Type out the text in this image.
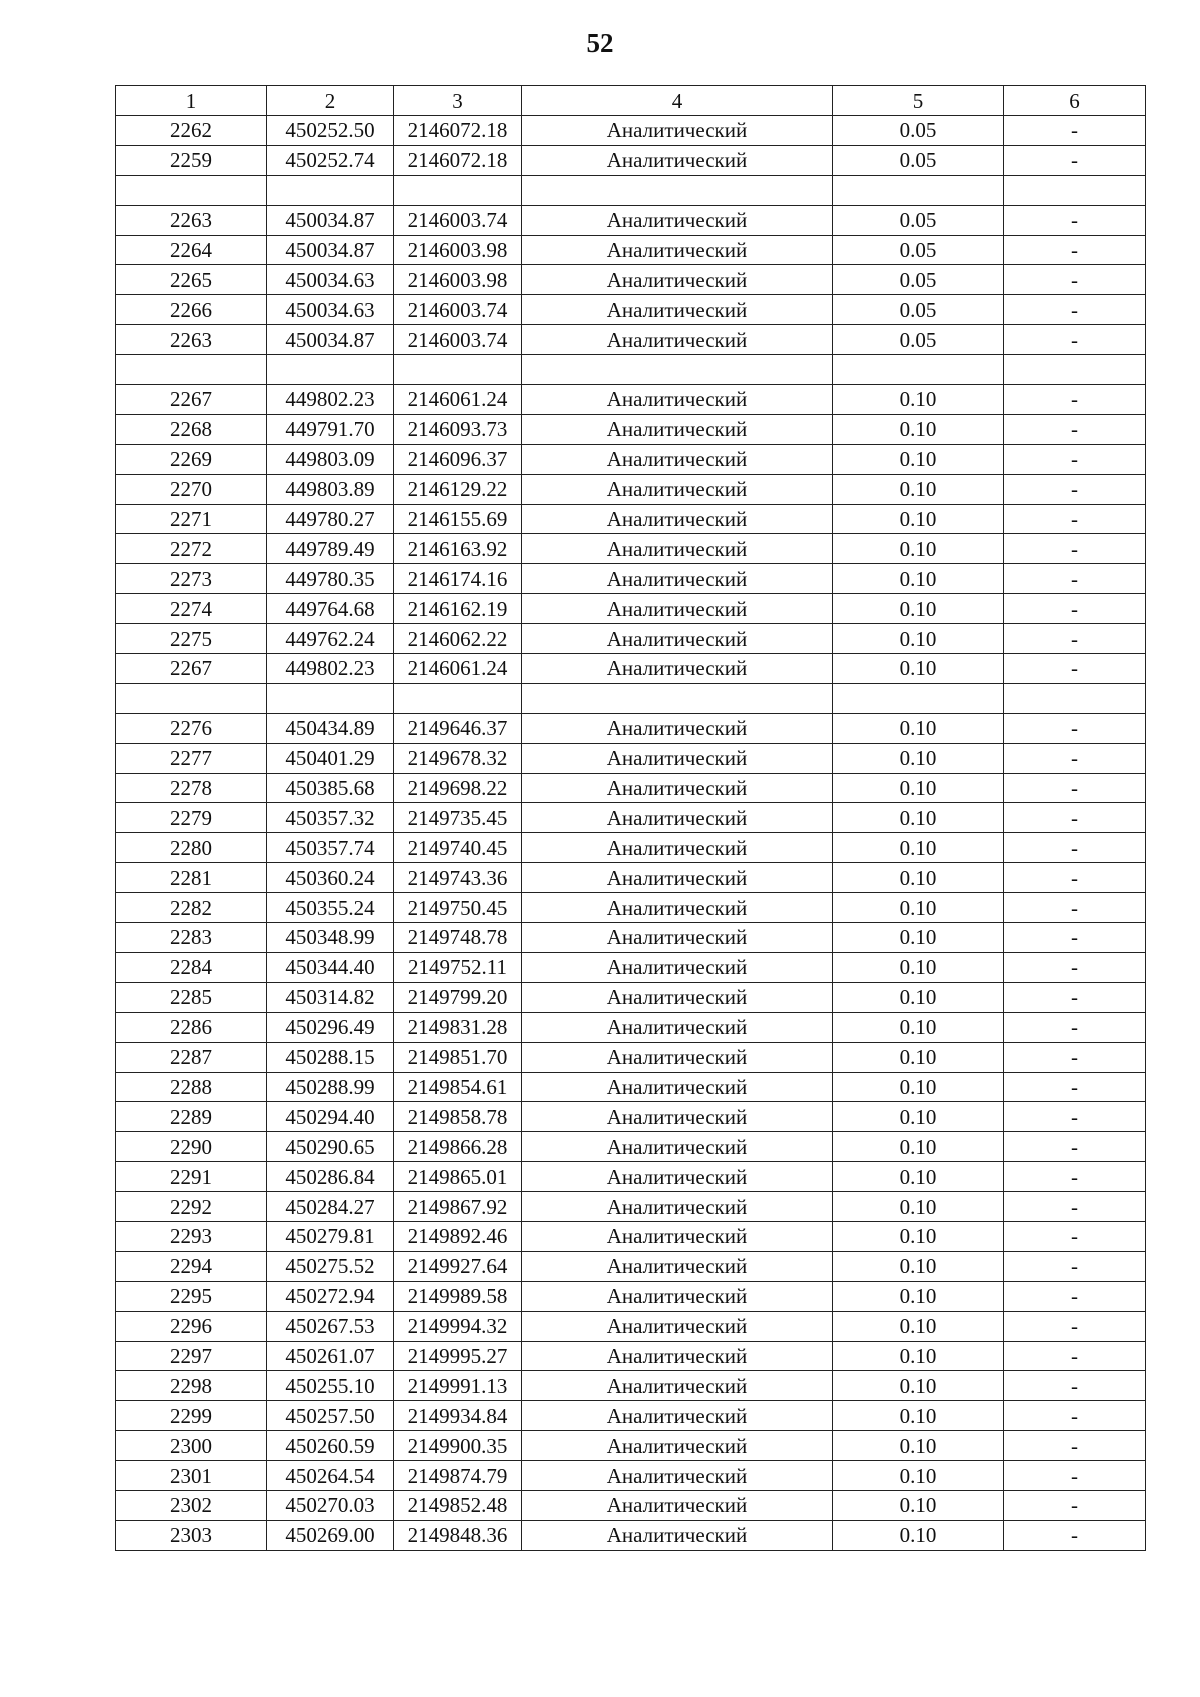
52
1	2	3	4	5	6
2262	450252.50	2146072.18	Аналитический	0.05	-
2259	450252.74	2146072.18	Аналитический	0.05	-

2263	450034.87	2146003.74	Аналитический	0.05	-
2264	450034.87	2146003.98	Аналитический	0.05	-
2265	450034.63	2146003.98	Аналитический	0.05	-
2266	450034.63	2146003.74	Аналитический	0.05	-
2263	450034.87	2146003.74	Аналитический	0.05	-

2267	449802.23	2146061.24	Аналитический	0.10	-
2268	449791.70	2146093.73	Аналитический	0.10	-
2269	449803.09	2146096.37	Аналитический	0.10	-
2270	449803.89	2146129.22	Аналитический	0.10	-
2271	449780.27	2146155.69	Аналитический	0.10	-
2272	449789.49	2146163.92	Аналитический	0.10	-
2273	449780.35	2146174.16	Аналитический	0.10	-
2274	449764.68	2146162.19	Аналитический	0.10	-
2275	449762.24	2146062.22	Аналитический	0.10	-
2267	449802.23	2146061.24	Аналитический	0.10	-

2276	450434.89	2149646.37	Аналитический	0.10	-
2277	450401.29	2149678.32	Аналитический	0.10	-
2278	450385.68	2149698.22	Аналитический	0.10	-
2279	450357.32	2149735.45	Аналитический	0.10	-
2280	450357.74	2149740.45	Аналитический	0.10	-
2281	450360.24	2149743.36	Аналитический	0.10	-
2282	450355.24	2149750.45	Аналитический	0.10	-
2283	450348.99	2149748.78	Аналитический	0.10	-
2284	450344.40	2149752.11	Аналитический	0.10	-
2285	450314.82	2149799.20	Аналитический	0.10	-
2286	450296.49	2149831.28	Аналитический	0.10	-
2287	450288.15	2149851.70	Аналитический	0.10	-
2288	450288.99	2149854.61	Аналитический	0.10	-
2289	450294.40	2149858.78	Аналитический	0.10	-
2290	450290.65	2149866.28	Аналитический	0.10	-
2291	450286.84	2149865.01	Аналитический	0.10	-
2292	450284.27	2149867.92	Аналитический	0.10	-
2293	450279.81	2149892.46	Аналитический	0.10	-
2294	450275.52	2149927.64	Аналитический	0.10	-
2295	450272.94	2149989.58	Аналитический	0.10	-
2296	450267.53	2149994.32	Аналитический	0.10	-
2297	450261.07	2149995.27	Аналитический	0.10	-
2298	450255.10	2149991.13	Аналитический	0.10	-
2299	450257.50	2149934.84	Аналитический	0.10	-
2300	450260.59	2149900.35	Аналитический	0.10	-
2301	450264.54	2149874.79	Аналитический	0.10	-
2302	450270.03	2149852.48	Аналитический	0.10	-
2303	450269.00	2149848.36	Аналитический	0.10	-
